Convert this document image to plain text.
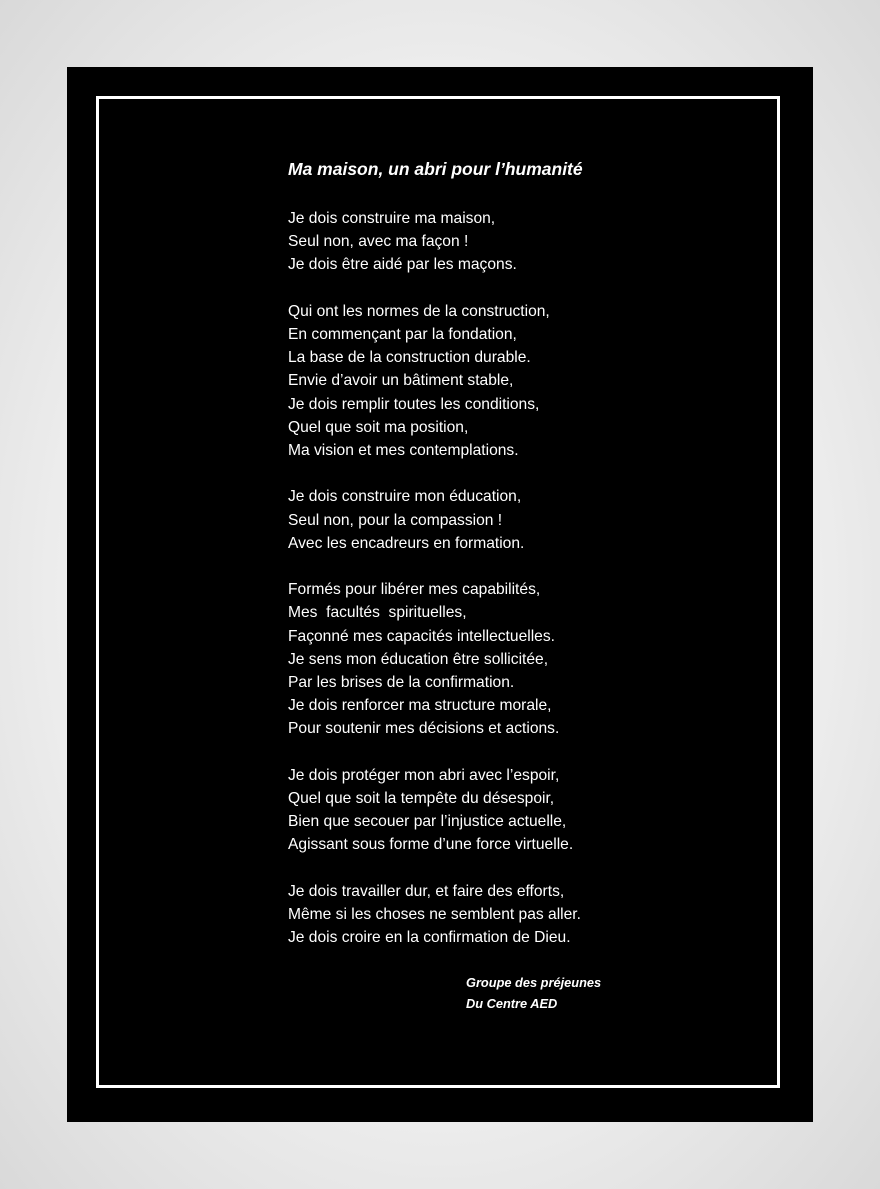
Ma maison, un abri pour l’humanité
Je dois construire ma maison,
Seul non, avec ma façon !
Je dois être aidé par les maçons.
Qui ont les normes de la construction,
En commençant par la fondation,
La base de la construction durable.
Envie d’avoir un bâtiment stable,
Je dois remplir toutes les conditions,
Quel que soit ma position,
Ma vision et mes contemplations.
Je dois construire mon éducation,
Seul non, pour la compassion !
Avec les encadreurs en formation.
Formés pour libérer mes capabilités,
Mes  facultés  spirituelles,
Façonné mes capacités intellectuelles.
Je sens mon éducation être sollicitée,
Par les brises de la confirmation.
Je dois renforcer ma structure morale,
Pour soutenir mes décisions et actions.
Je dois protéger mon abri avec l’espoir,
Quel que soit la tempête du désespoir,
Bien que secouer par l’injustice actuelle,
Agissant sous forme d’une force virtuelle.
Je dois travailler dur, et faire des efforts,
Même si les choses ne semblent pas aller.
Je dois croire en la confirmation de Dieu.
Groupe des préjeunes
Du Centre AED
